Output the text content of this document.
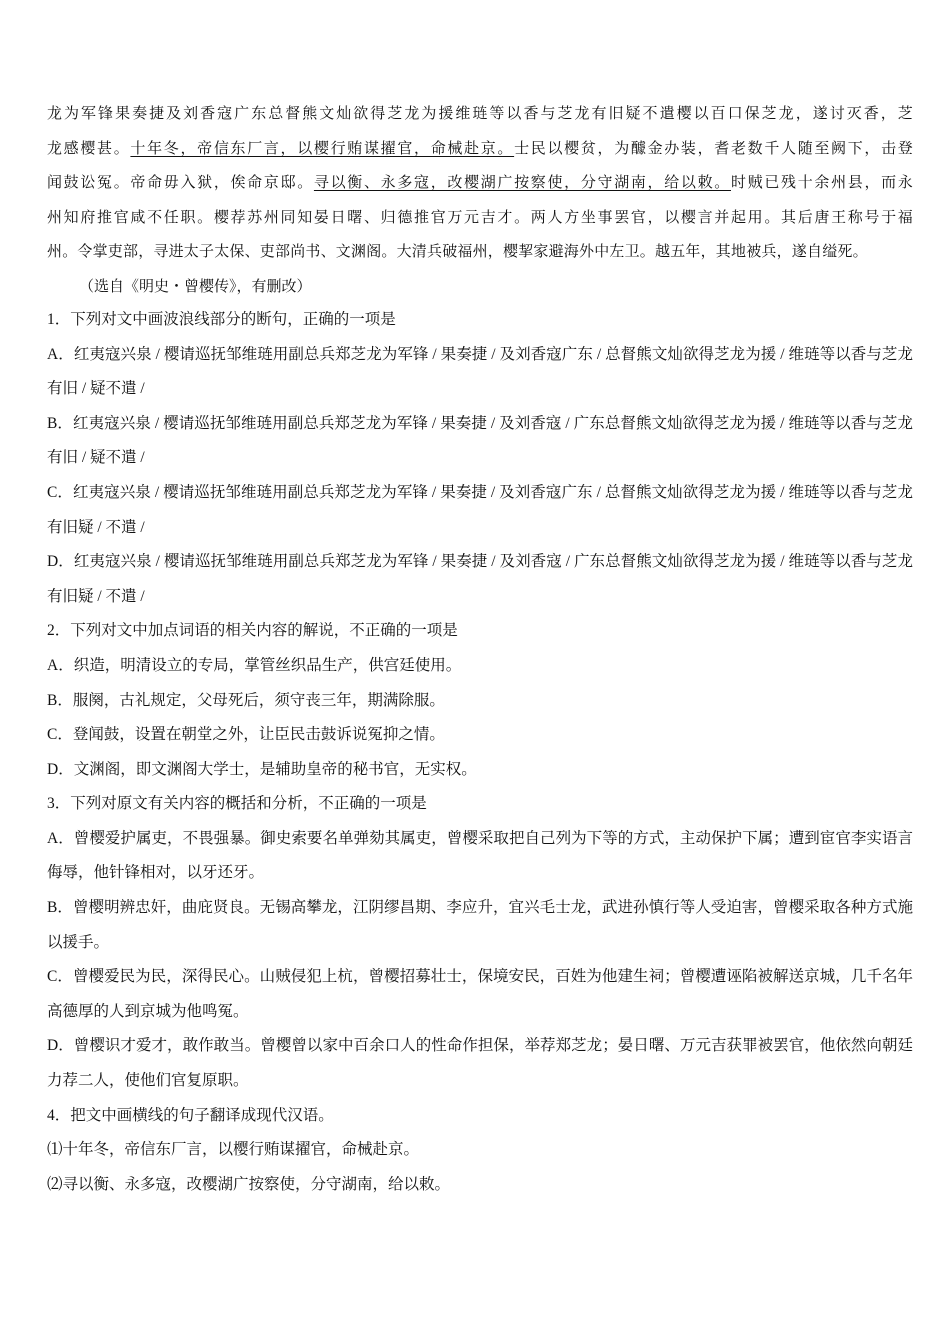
龙为军锋果奏捷及刘香寇广东总督熊文灿欲得芝龙为援维琏等以香与芝龙有旧疑不遣樱以百口保芝龙，遂讨灭香，芝

龙感樱甚。十年冬，帝信东厂言，以樱行贿谋擢官，命械赴京。士民以樱贫，为醵金办装，耆老数千人随至阙下，击登

闻鼓讼冤。帝命毋入狱，俟命京邸。寻以衡、永多寇，改樱湖广按察使，分守湖南，给以敕。时贼已残十余州县，而永

州知府推官咸不任职。樱荐苏州同知晏日曙、归德推官万元吉才。两人方坐事罢官，以樱言并起用。其后唐王称号于福

州。令掌吏部，寻进太子太保、吏部尚书、文渊阁。大清兵破福州，樱挈家避海外中左卫。越五年，其地被兵，遂自缢死。

（选自《明史・曾樱传》，有删改）

1．下列对文中画波浪线部分的断句，正确的一项是

A．红夷寇兴泉 / 樱请巡抚邹维琏用副总兵郑芝龙为军锋 / 果奏捷 / 及刘香寇广东 / 总督熊文灿欲得芝龙为援 / 维琏等以香与芝龙有旧 / 疑不遣 /

B．红夷寇兴泉 / 樱请巡抚邹维琏用副总兵郑芝龙为军锋 / 果奏捷 / 及刘香寇 / 广东总督熊文灿欲得芝龙为援 / 维琏等以香与芝龙有旧 / 疑不遣 /

C．红夷寇兴泉 / 樱请巡抚邹维琏用副总兵郑芝龙为军锋 / 果奏捷 / 及刘香寇广东 / 总督熊文灿欲得芝龙为援 / 维琏等以香与芝龙有旧疑 / 不遣 /

D．红夷寇兴泉 / 樱请巡抚邹维琏用副总兵郑芝龙为军锋 / 果奏捷 / 及刘香寇 / 广东总督熊文灿欲得芝龙为援 / 维琏等以香与芝龙有旧疑 / 不遣 /

2．下列对文中加点词语的相关内容的解说，不正确的一项是

A．织造，明清设立的专局，掌管丝织品生产，供宫廷使用。

B．服阕，古礼规定，父母死后，须守丧三年，期满除服。

C．登闻鼓，设置在朝堂之外，让臣民击鼓诉说冤抑之情。

D．文渊阁，即文渊阁大学士，是辅助皇帝的秘书官，无实权。

3．下列对原文有关内容的概括和分析，不正确的一项是

A．曾樱爱护属吏，不畏强暴。御史索要名单弹劾其属吏，曾樱采取把自己列为下等的方式，主动保护下属；遭到宦官李实语言侮辱，他针锋相对，以牙还牙。

B．曾樱明辨忠奸，曲庇贤良。无锡高攀龙，江阴缪昌期、李应升，宜兴毛士龙，武进孙慎行等人受迫害，曾樱采取各种方式施以援手。

C．曾樱爱民为民，深得民心。山贼侵犯上杭，曾樱招募壮士，保境安民，百姓为他建生祠；曾樱遭诬陷被解送京城，几千名年高德厚的人到京城为他鸣冤。

D．曾樱识才爱才，敢作敢当。曾樱曾以家中百余口人的性命作担保，举荐郑芝龙；晏日曙、万元吉获罪被罢官，他依然向朝廷力荐二人，使他们官复原职。

4．把文中画横线的句子翻译成现代汉语。

⑴十年冬，帝信东厂言，以樱行贿谋擢官，命械赴京。

⑵寻以衡、永多寇，改樱湖广按察使，分守湖南，给以敕。
